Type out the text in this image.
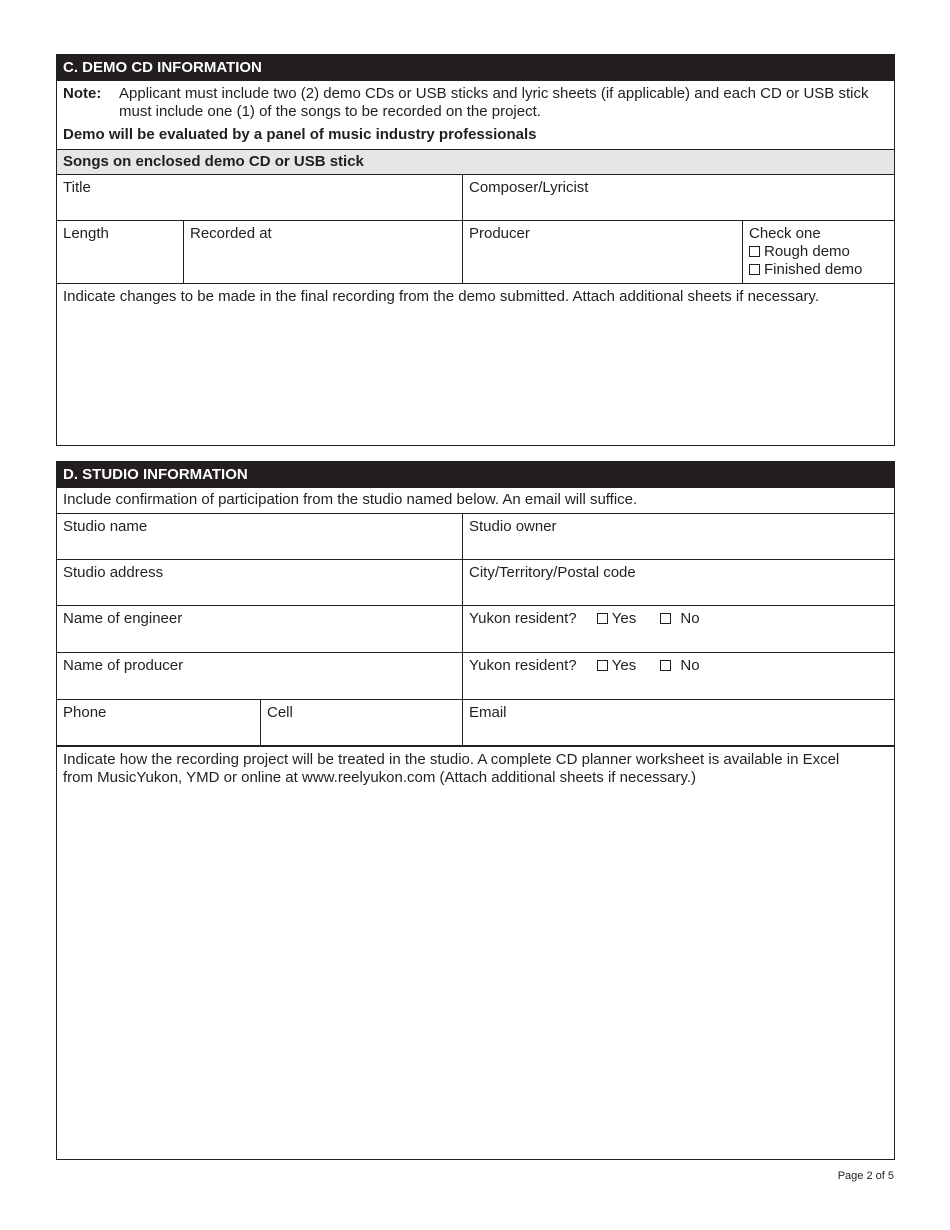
C. DEMO CD INFORMATION
Note: Applicant must include two (2) demo CDs or USB sticks and lyric sheets (if applicable) and each CD or USB stick must include one (1) of the songs to be recorded on the project.
Demo will be evaluated by a panel of music industry professionals
Songs on enclosed demo CD or USB stick
Title	Composer/Lyricist
Length	Recorded at	Producer	Check one
Rough demo
Finished demo
Indicate changes to be made in the final recording from the demo submitted. Attach additional sheets if necessary.
D. STUDIO INFORMATION
Include confirmation of participation from the studio named below. An email will suffice.
Studio name	Studio owner
Studio address	City/Territory/Postal code
Name of engineer	Yukon resident? Yes	No
Name of producer	Yukon resident? Yes	No
Phone	Cell	Email
Indicate how the recording project will be treated in the studio. A complete CD planner worksheet is available in Excel from MusicYukon, YMD or online at www.reelyukon.com (Attach additional sheets if necessary.)
Page 2 of 5
